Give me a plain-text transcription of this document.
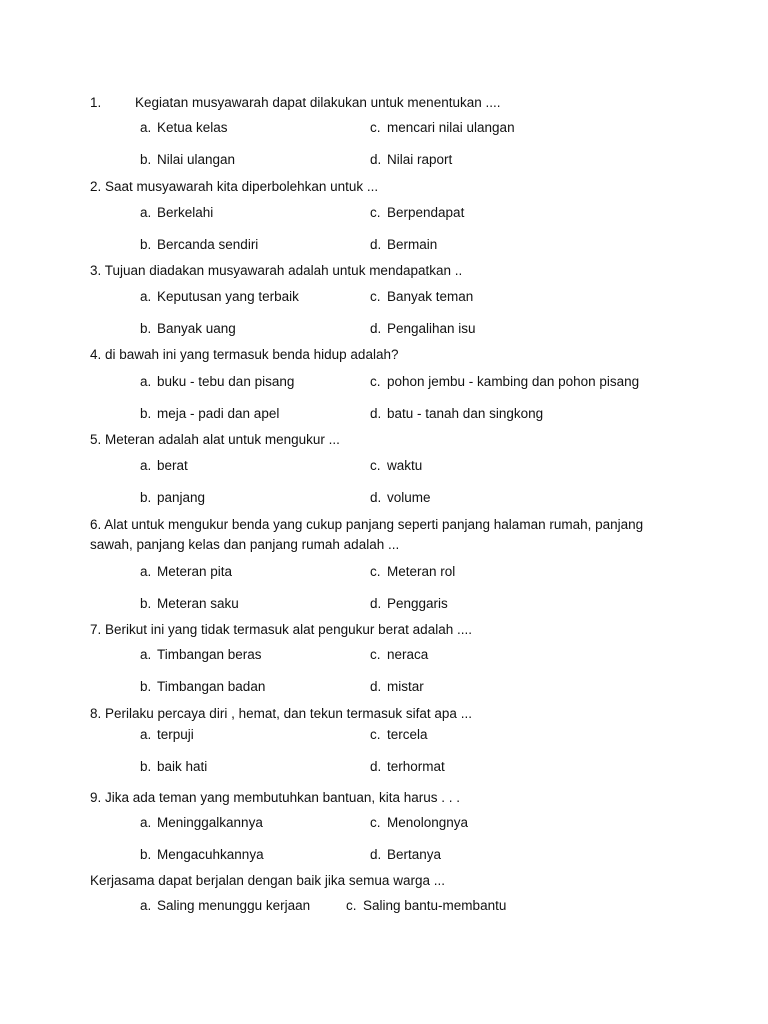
1. Kegiatan musyawarah dapat dilakukan untuk menentukan ....
a. Ketua kelas	c. mencari nilai ulangan
b. Nilai ulangan	d. Nilai raport
2. Saat musyawarah kita diperbolehkan untuk ...
a. Berkelahi	c. Berpendapat
b. Bercanda sendiri	d. Bermain
3. Tujuan diadakan musyawarah adalah untuk mendapatkan ..
a. Keputusan yang terbaik	c. Banyak teman
b. Banyak uang	d. Pengalihan isu
4. di bawah ini yang termasuk benda hidup adalah?
a. buku - tebu dan pisang	c. pohon jembu - kambing dan pohon pisang
b. meja - padi dan apel	d. batu - tanah dan singkong
5. Meteran adalah alat untuk mengukur ...
a. berat	c. waktu
b. panjang	d. volume
6. Alat untuk mengukur benda yang cukup panjang seperti panjang halaman rumah, panjang sawah, panjang kelas dan panjang rumah adalah ...
a. Meteran pita	c. Meteran rol
b. Meteran saku	d. Penggaris
7. Berikut ini yang tidak termasuk alat pengukur berat adalah ....
a. Timbangan beras	c. neraca
b. Timbangan badan	d. mistar
8. Perilaku percaya diri , hemat, dan tekun termasuk sifat apa ...
a. terpuji	c. tercela
b. baik hati	d. terhormat
9. Jika ada teman yang membutuhkan bantuan, kita harus . . .
a. Meninggalkannya	c. Menolongnya
b. Mengacuhkannya	d. Bertanya
Kerjasama dapat berjalan dengan baik jika semua warga ...
a. Saling menunggu kerjaan	c. Saling bantu-membantu
